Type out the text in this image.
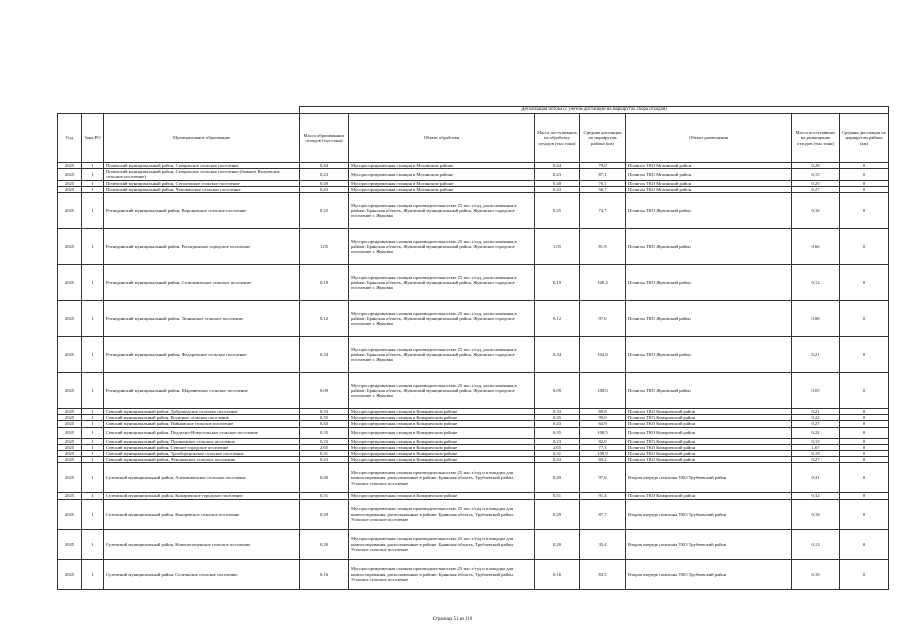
			Детализация потока (с учетом дистанций на маршрутах сбора отходов)						
Год	Зона РО	Муниципальное образование	Масса образованных отходов (тыс.тонн)	Объект обработки	Масса поступивших на обработку отходов (тыс.тонн)	Средняя дистанция по маршрутам района (км)	Объект размещения	Масса поступивших на размещение отходов (тыс.тонн)	Средняя дистанция по маршрутам района (км)
2025	1	Почепский муниципальный район, Семцовское сельское поселение	0,44	Мусоросортировочная станция в Мглинском районе	0,44	79,0	Полигон ТКО Мглинский район	0,28	0
2025	1	Почепский муниципальный район, Семцовское сельское поселение (бывшее Валуевское сельское поселение)	0,23	Мусоросортировочная станция в Мглинском районе	0,23	87,1	Полигон ТКО Мглинский район	0,15	0
2025	1	Почепский муниципальный район, Сетоловское сельское поселение	0,40	Мусоросортировочная станция в Мглинском районе	0,40	76,1	Полигон ТКО Мглинский район	0,25	0
2025	1	Почепский муниципальный район, Чоповичское сельское поселение	0,43	Мусоросортировочная станция в Мглинском районе	0,43	56,7	Полигон ТКО Мглинский район	0,27	0
2025	1	Рогнединский муниципальный район, Вороновское сельское поселение	0,25	Мусоросортировочная станция производительностью 25 тыс.т/год, расположенная в районе: Брянская область, Жуковский муниципальный район, Жуковское городское поселение г. Жуковка	0,25	74,7	Полигон ТКО Жуковский район	0,16	0
2025	1	Рогнединский муниципальный район, Рогнединское городское поселение	1,05	Мусоросортировочная станция производительностью 25 тыс.т/год, расположенная в районе: Брянская область, Жуковский муниципальный район, Жуковское городское поселение г. Жуковка	1,05	81,9	Полигон ТКО Жуковский район	0,66	0
2025	1	Рогнединский муниципальный район, Селиловичское сельское поселение	0,19	Мусоросортировочная станция производительностью 25 тыс.т/год, расположенная в районе: Брянская область, Жуковский муниципальный район, Жуковское городское поселение г. Жуковка	0,19	100,4	Полигон ТКО Жуковский район	0,12	0
2025	1	Рогнединский муниципальный район, Тюнинское сельское поселение	0,12	Мусоросортировочная станция производительностью 25 тыс.т/год, расположенная в районе: Брянская область, Жуковский муниципальный район, Жуковское городское поселение г. Жуковка	0,12	97,6	Полигон ТКО Жуковский район	0,08	0
2025	1	Рогнединский муниципальный район, Федоровское сельское поселение	0,34	Мусоросортировочная станция производительностью 25 тыс.т/год, расположенная в районе: Брянская область, Жуковский муниципальный район, Жуковское городское поселение г. Жуковка	0,34	104,8	Полигон ТКО Жуковский район	0,21	0
2025	1	Рогнединский муниципальный район, Шаровичское сельское поселение	0,09	Мусоросортировочная станция производительностью 25 тыс.т/год, расположенная в районе: Брянская область, Жуковский муниципальный район, Жуковское городское поселение г. Жуковка	0,09	108,0	Полигон ТКО Жуковский район	0,05	0
2025	1	Севский муниципальный район, Доброводское сельское поселение	0,33	Мусоросортировочная станция в Комаричском районе	0,33	89,8	Полигон ТКО Комаричский район	0,21	0
2025	1	Севский муниципальный район, Косицкое сельское поселение	0,35	Мусоросортировочная станция в Комаричском районе	0,35	99,0	Полигон ТКО Комаричский район	0,22	0
2025	1	Севский муниципальный район, Пайновское сельское поселение	0,43	Мусоросортировочная станция в Комаричском районе	0,43	64,9	Полигон ТКО Комаричский район	0,27	0
2025	1	Севский муниципальный район, Подлесно-Новосельское сельское поселение	0,35	Мусоросортировочная станция в Комаричском районе	0,35	100,5	Полигон ТКО Комаричский район	0,22	0
2025	1	Севский муниципальный район, Пушкинское сельское поселение	0,23	Мусоросортировочная станция в Комаричском районе	0,23	82,0	Полигон ТКО Комаричский район	0,15	0
2025	1	Севский муниципальный район, Севское городское поселение	2,65	Мусоросортировочная станция в Комаричском районе	2,65	77,3	Полигон ТКО Комаричский район	1,67	0
2025	1	Севский муниципальный район, Троебортновское сельское поселение	0,31	Мусоросортировочная станция в Комаричском районе	0,31	109,9	Полигон ТКО Комаричский район	0,19	0
2025	1	Севский муниципальный район, Чемлыжское сельское поселение	0,43	Мусоросортировочная станция в Комаричском районе	0,43	69,2	Полигон ТКО Комаричский район	0,27	0
2025	1	Суземский муниципальный район, Алешковичское сельское поселение	0,49	Мусоросортировочная станция производительностью 25 тыс.т/год и площадка для компостирования, расположенные в районе: Брянская область, Трубчевский район, Усохское сельское поселение	0,49	97,6	Вторая очередь полигона ТКО Трубчевский район	0,31	0
2025	1	Суземский муниципальный район, Комаричское городское поселение	0,51	Мусоросортировочная станция в Комаричском районе	0,51	91,4	Полигон ТКО Комаричский район	0,32	0
2025	1	Суземский муниципальный район, Кокоревское сельское поселение	0,29	Мусоросортировочная станция производительностью 25 тыс.т/год и площадка для компостирования, расположенные в районе: Брянская область, Трубчевский район, Усохское сельское поселение	0,29	87,7	Вторая очередь полигона ТКО Трубчевский район	0,18	0
2025	1	Суземский муниципальный район, Новопогощенское сельское поселение	0,20	Мусоросортировочная станция производительностью 25 тыс.т/год и площадка для компостирования, расположенные в районе: Брянская область, Трубчевский район, Усохское сельское поселение	0,20	35,4	Вторая очередь полигона ТКО Трубчевский район	0,13	0
2025	1	Суземский муниципальный район, Селечнское сельское поселение	0,16	Мусоросортировочная станция производительностью 25 тыс.т/год и площадка для компостирования, расположенные в районе: Брянская область, Трубчевский район, Усохское сельское поселение	0,16	83,5	Вторая очередь полигона ТКО Трубчевский район	0,10	0
Страница 51 из 110
